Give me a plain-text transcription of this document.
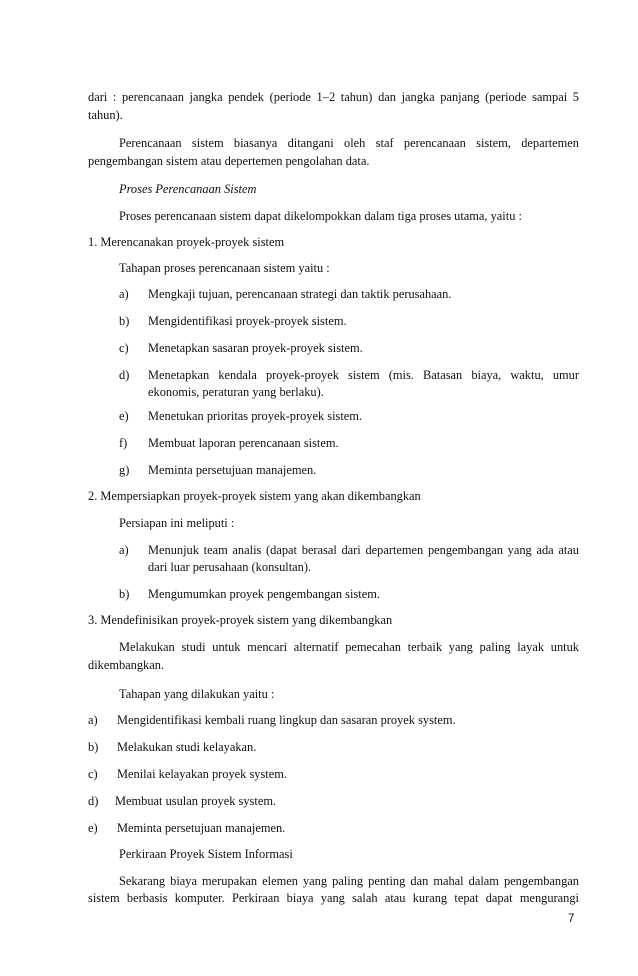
dari : perencanaan jangka pendek (periode 1–2 tahun) dan jangka panjang (periode sampai 5
tahun).
Perencanaan sistem biasanya ditangani oleh staf perencanaan sistem, departemen
pengembangan sistem atau depertemen pengolahan data.
Proses Perencanaan Sistem
Proses perencanaan sistem dapat dikelompokkan dalam tiga proses utama, yaitu :
1. Merencanakan proyek-proyek sistem
Tahapan proses perencanaan sistem yaitu :
a) Mengkaji tujuan, perencanaan strategi dan taktik perusahaan.
b) Mengidentifikasi proyek-proyek sistem.
c) Menetapkan sasaran proyek-proyek sistem.
d) Menetapkan kendala proyek-proyek sistem (mis. Batasan biaya, waktu, umur
ekonomis, peraturan yang berlaku).
e) Menetukan prioritas proyek-proyek sistem.
f) Membuat laporan perencanaan sistem.
g) Meminta persetujuan manajemen.
2. Mempersiapkan proyek-proyek sistem yang akan dikembangkan
Persiapan ini meliputi :
a) Menunjuk team analis (dapat berasal dari departemen pengembangan yang ada atau
dari luar perusahaan (konsultan).
b) Mengumumkan proyek pengembangan sistem.
3. Mendefinisikan proyek-proyek sistem yang dikembangkan
Melakukan studi untuk mencari alternatif pemecahan terbaik yang paling layak untuk
dikembangkan.
Tahapan yang dilakukan yaitu :
a) Mengidentifikasi kembali ruang lingkup dan sasaran proyek system.
b) Melakukan studi kelayakan.
c) Menilai kelayakan proyek system.
d) Membuat usulan proyek system.
e) Meminta persetujuan manajemen.
Perkiraan Proyek Sistem Informasi
Sekarang biaya merupakan elemen yang paling penting dan mahal dalam pengembangan
sistem berbasis komputer. Perkiraan biaya yang salah atau kurang tepat dapat mengurangi
7
